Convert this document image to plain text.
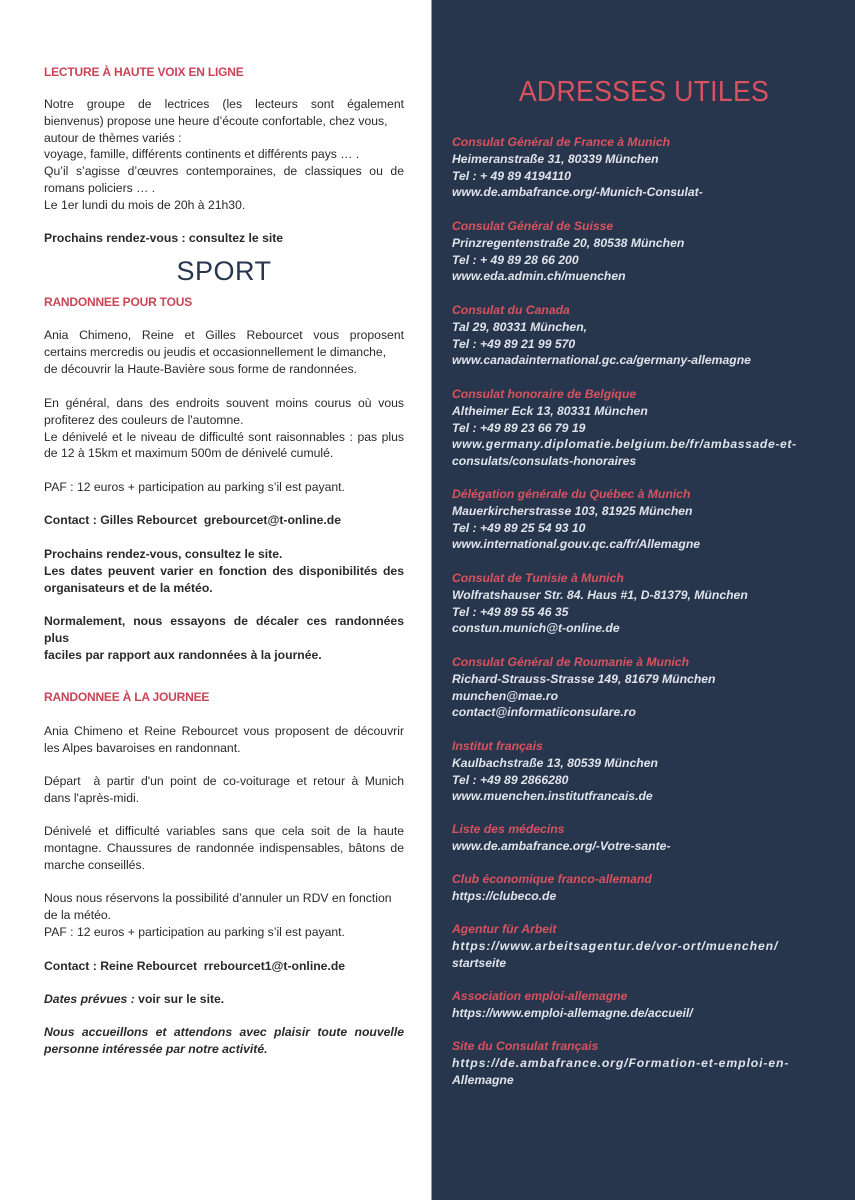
LECTURE À HAUTE VOIX EN LIGNE
Notre groupe de lectrices (les lecteurs sont également
bienvenus) propose une heure d’écoute confortable, chez vous,
autour de thèmes variés :
voyage, famille, différents continents et différents pays … .
Qu’il s’agisse d’œuvres contemporaines, de classiques ou de
romans policiers … .
Le 1er lundi du mois de 20h à 21h30.
Prochains rendez-vous : consultez le site
SPORT
RANDONNEE POUR TOUS
Ania Chimeno, Reine et Gilles Rebourcet vous proposent
certains mercredis ou jeudis et occasionnellement le dimanche,
de découvrir la Haute-Bavière sous forme de randonnées.
En général, dans des endroits souvent moins courus où vous
profiterez des couleurs de l'automne.
Le dénivelé et le niveau de difficulté sont raisonnables : pas plus
de 12 à 15km et maximum 500m de dénivelé cumulé.
PAF : 12 euros + participation au parking s’il est payant.
Contact : Gilles Rebourcet  grebourcet@t-online.de
Prochains rendez-vous, consultez le site.
Les dates peuvent varier en fonction des disponibilités des
organisateurs et de la météo.
Normalement, nous essayons de décaler ces randonnées plus
faciles par rapport aux randonnées à la journée.
RANDONNEE À LA JOURNEE
Ania Chimeno et Reine Rebourcet vous proposent de découvrir
les Alpes bavaroises en randonnant.
Départ  à partir d'un point de co-voiturage et retour à Munich
dans l'après-midi.
Dénivelé et difficulté variables sans que cela soit de la haute
montagne. Chaussures de randonnée indispensables, bâtons de
marche conseillés.
Nous nous réservons la possibilité d’annuler un RDV en fonction
de la météo.
PAF : 12 euros + participation au parking s’il est payant.
Contact : Reine Rebourcet  rrebourcet1@t-online.de
Dates prévues : voir sur le site.
Nous accueillons et attendons avec plaisir toute nouvelle
personne intéressée par notre activité.
ADRESSES UTILES
Consulat Général de France à Munich
Heimeranstraße 31, 80339 München
Tel : + 49 89 4194110
www.de.ambafrance.org/-Munich-Consulat-
Consulat Général de Suisse
Prinzregentenstraße 20, 80538 München
Tel : + 49 89 28 66 200
www.eda.admin.ch/muenchen
Consulat du Canada
Tal 29, 80331 München,
Tel : +49 89 21 99 570
www.canadainternational.gc.ca/germany-allemagne
Consulat honoraire de Belgique
Altheimer Eck 13, 80331 München
Tel : +49 89 23 66 79 19
www.germany.diplomatie.belgium.be/fr/ambassade-et-
consulats/consulats-honoraires
Délégation générale du Québec à Munich
Mauerkircherstrasse 103, 81925 München
Tel : +49 89 25 54 93 10
www.international.gouv.qc.ca/fr/Allemagne
Consulat de Tunisie à Munich
Wolfratshauser Str. 84. Haus #1, D-81379, München
Tel : +49 89 55 46 35
constun.munich@t-online.de
Consulat Général de Roumanie à Munich
Richard-Strauss-Strasse 149, 81679 München
munchen@mae.ro
contact@informatiiconsulare.ro
Institut français
Kaulbachstraße 13, 80539 München
Tel : +49 89 2866280
www.muenchen.institutfrancais.de
Liste des médecins
www.de.ambafrance.org/-Votre-sante-
Club économique franco-allemand
https://clubeco.de
Agentur für Arbeit
https://www.arbeitsagentur.de/vor-ort/muenchen/
startseite
Association emploi-allemagne
https://www.emploi-allemagne.de/accueil/
Site du Consulat français
https://de.ambafrance.org/Formation-et-emploi-en-
Allemagne
